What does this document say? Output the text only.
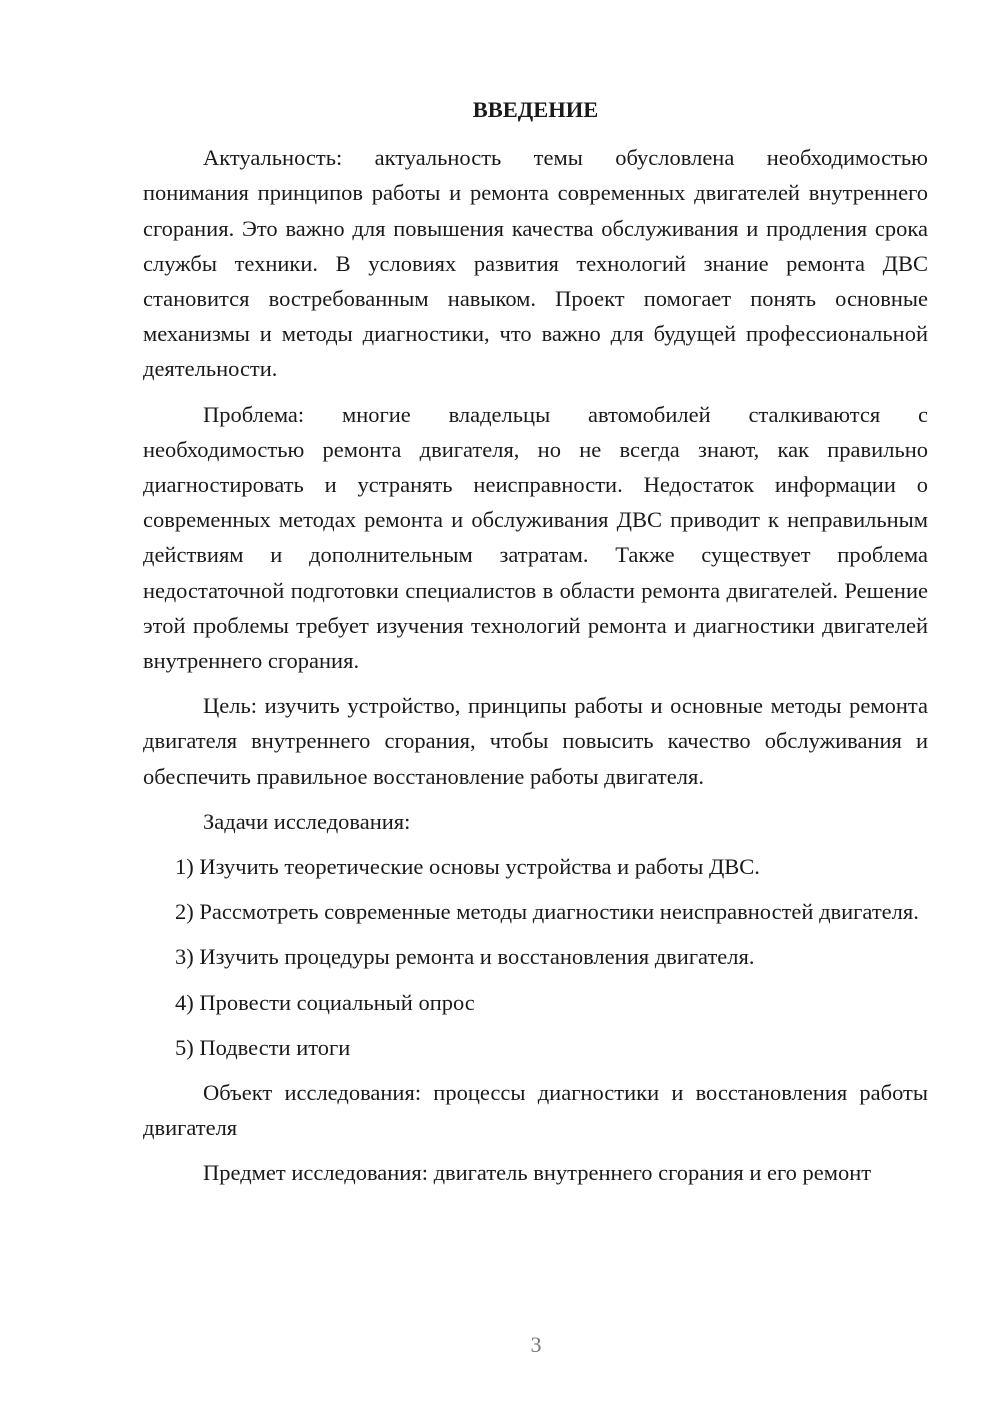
ВВЕДЕНИЕ

Актуальность: актуальность темы обусловлена необходимостью понимания принципов работы и ремонта современных двигателей внутреннего сгорания. Это важно для повышения качества обслуживания и продления срока службы техники. В условиях развития технологий знание ремонта ДВС становится востребованным навыком. Проект помогает понять основные механизмы и методы диагностики, что важно для будущей профессиональной деятельности.

Проблема: многие владельцы автомобилей сталкиваются с необходимостью ремонта двигателя, но не всегда знают, как правильно диагностировать и устранять неисправности. Недостаток информации о современных методах ремонта и обслуживания ДВС приводит к неправильным действиям и дополнительным затратам. Также существует проблема недостаточной подготовки специалистов в области ремонта двигателей. Решение этой проблемы требует изучения технологий ремонта и диагностики двигателей внутреннего сгорания.

Цель: изучить устройство, принципы работы и основные методы ремонта двигателя внутреннего сгорания, чтобы повысить качество обслуживания и обеспечить правильное восстановление работы двигателя.

Задачи исследования:

1) Изучить теоретические основы устройства и работы ДВС.
2) Рассмотреть современные методы диагностики неисправностей двигателя.
3) Изучить процедуры ремонта и восстановления двигателя.
4) Провести социальный опрос
5) Подвести итоги

Объект исследования: процессы диагностики и восстановления работы двигателя

Предмет исследования: двигатель внутреннего сгорания и его ремонт

3
